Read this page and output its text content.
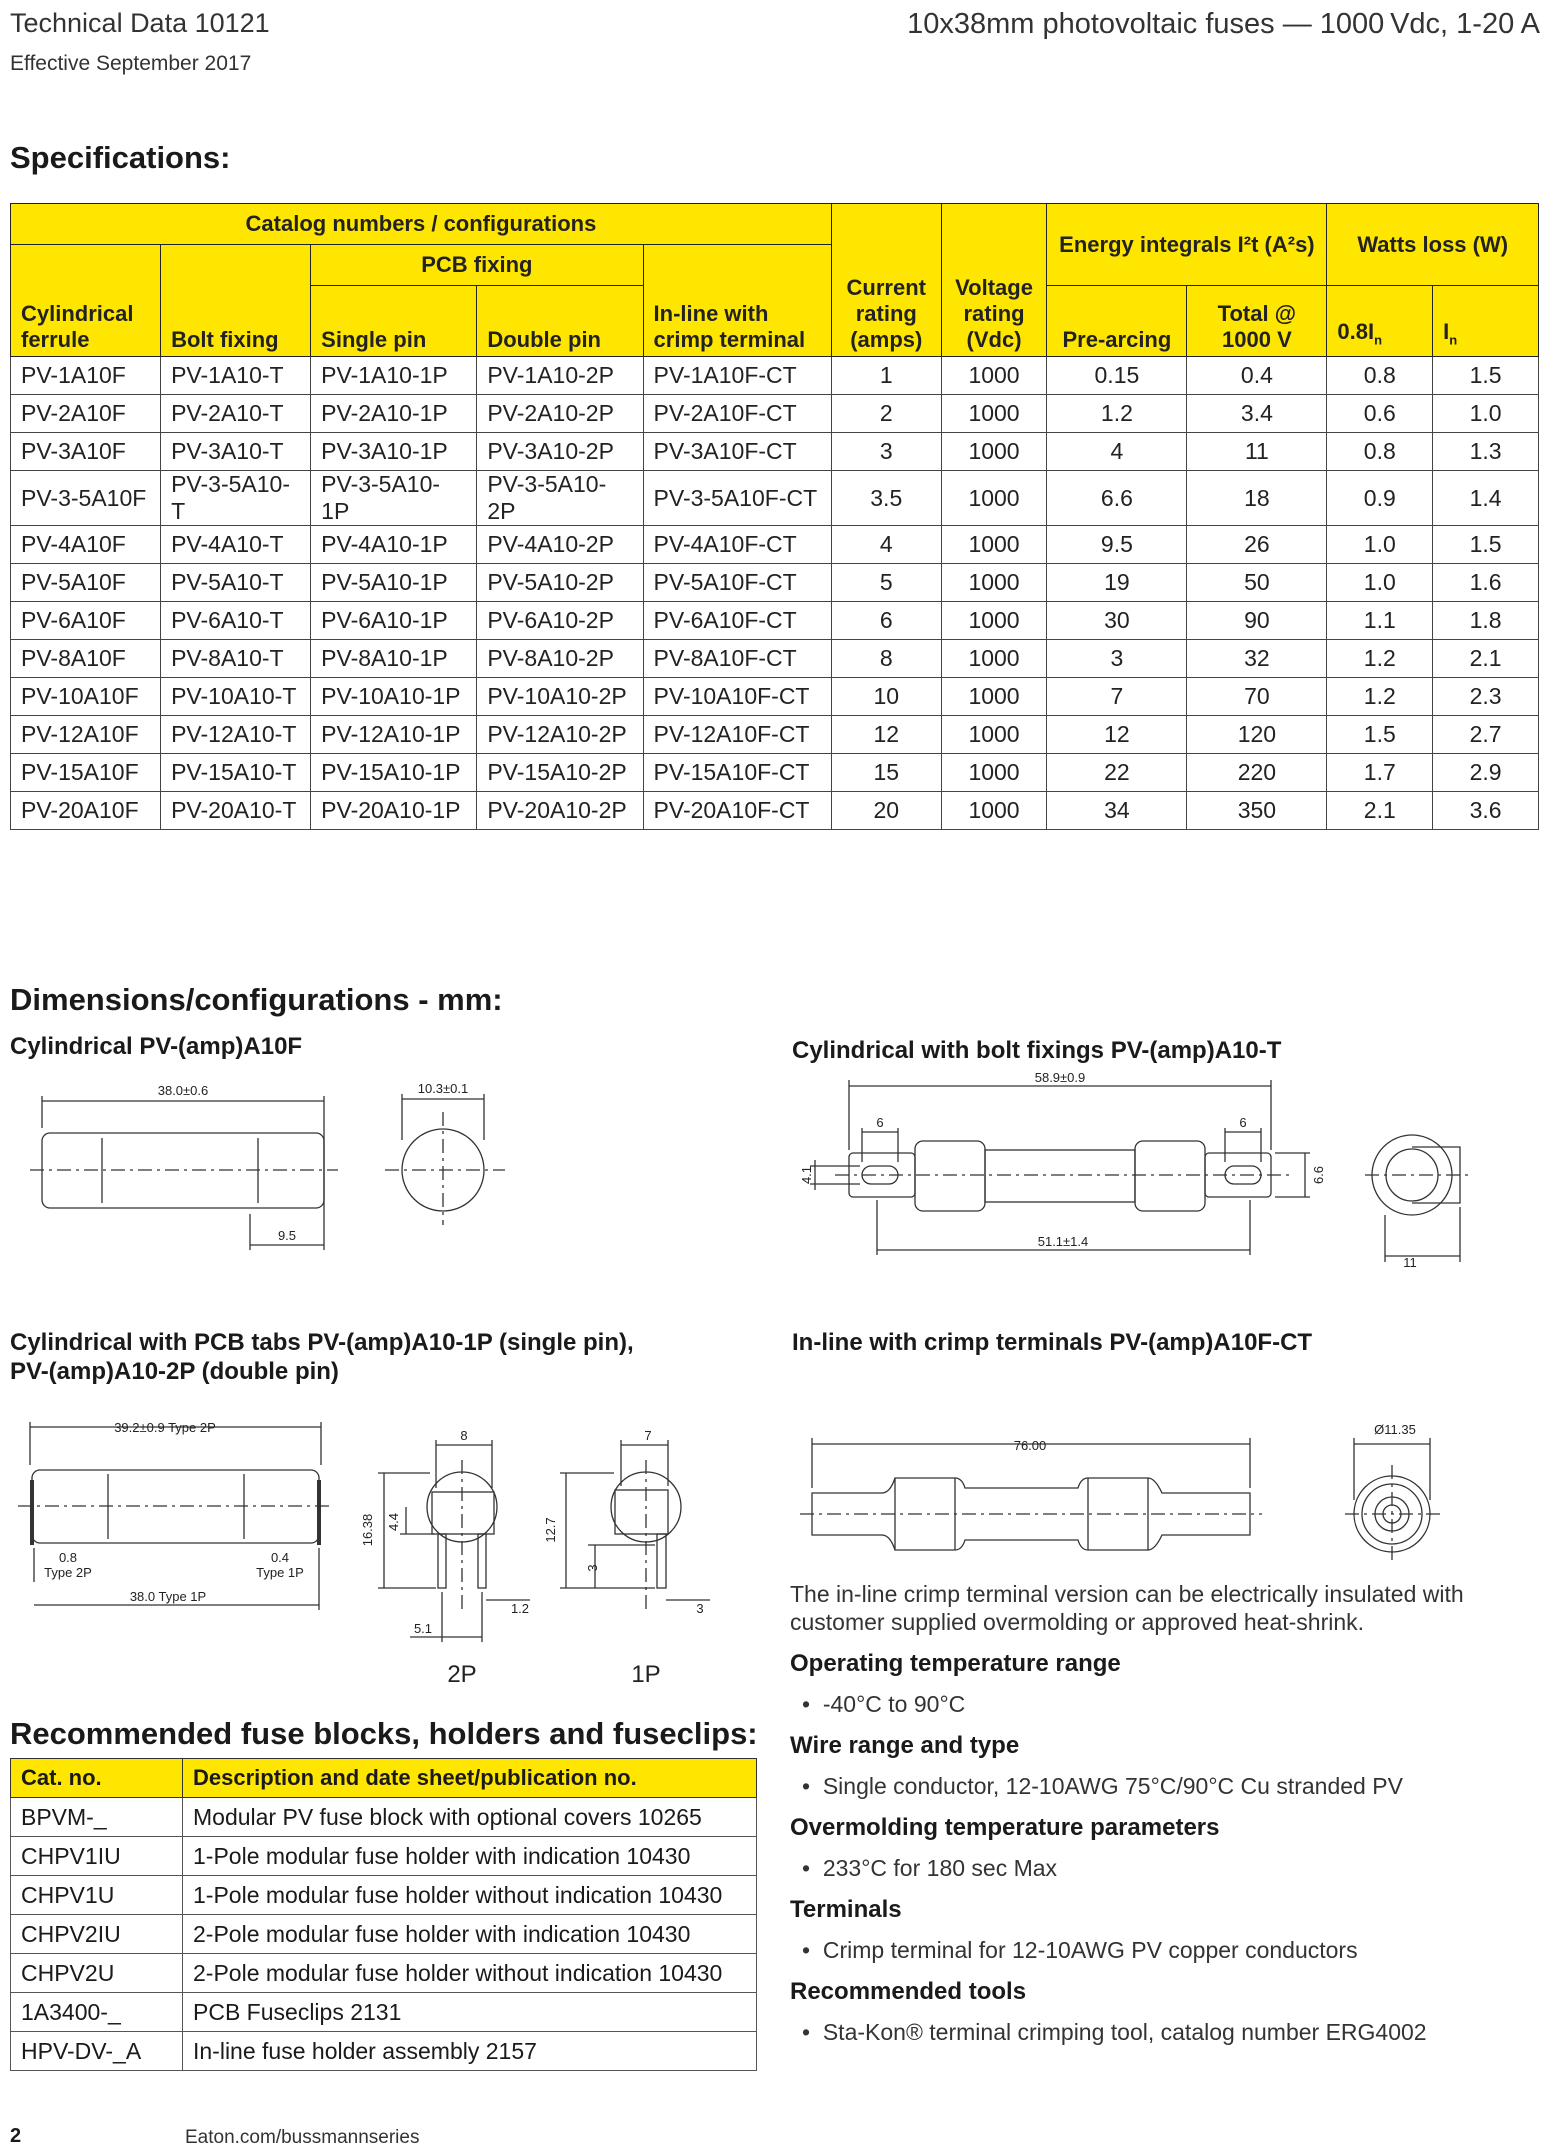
Technical Data 10121
Effective September 2017
10x38mm photovoltaic fuses — 1000 Vdc, 1-20 A
Specifications:
Catalog numbers / configurations					Current rating (amps)	Voltage rating (Vdc)	Energy integrals I²t (A²s)		Watts loss (W)	
Cylindrical ferrule	Bolt fixing	PCB fixing		In-line with crimp terminal						
		Single pin	Double pin				Pre-arcing	Total @ 1000 V	$0.8I_n$	$I_n$
PV-1A10F	PV-1A10-T	PV-1A10-1P	PV-1A10-2P	PV-1A10F-CT	1	1000	0.15	0.4	0.8	1.5
PV-2A10F	PV-2A10-T	PV-2A10-1P	PV-2A10-2P	PV-2A10F-CT	2	1000	1.2	3.4	0.6	1.0
PV-3A10F	PV-3A10-T	PV-3A10-1P	PV-3A10-2P	PV-3A10F-CT	3	1000	4	11	0.8	1.3
PV-3-5A10F	PV-3-5A10-T	PV-3-5A10-1P	PV-3-5A10-2P	PV-3-5A10F-CT	3.5	1000	6.6	18	0.9	1.4
PV-4A10F	PV-4A10-T	PV-4A10-1P	PV-4A10-2P	PV-4A10F-CT	4	1000	9.5	26	1.0	1.5
PV-5A10F	PV-5A10-T	PV-5A10-1P	PV-5A10-2P	PV-5A10F-CT	5	1000	19	50	1.0	1.6
PV-6A10F	PV-6A10-T	PV-6A10-1P	PV-6A10-2P	PV-6A10F-CT	6	1000	30	90	1.1	1.8
PV-8A10F	PV-8A10-T	PV-8A10-1P	PV-8A10-2P	PV-8A10F-CT	8	1000	3	32	1.2	2.1
PV-10A10F	PV-10A10-T	PV-10A10-1P	PV-10A10-2P	PV-10A10F-CT	10	1000	7	70	1.2	2.3
PV-12A10F	PV-12A10-T	PV-12A10-1P	PV-12A10-2P	PV-12A10F-CT	12	1000	12	120	1.5	2.7
PV-15A10F	PV-15A10-T	PV-15A10-1P	PV-15A10-2P	PV-15A10F-CT	15	1000	22	220	1.7	2.9
PV-20A10F	PV-20A10-T	PV-20A10-1P	PV-20A10-2P	PV-20A10F-CT	20	1000	34	350	2.1	3.6
Dimensions/configurations - mm:
Cylindrical PV-(amp)A10F	Cylindrical with bolt fixings PV-(amp)A10-T
Cylindrical with PCB tabs PV-(amp)A10-1P (single pin),
PV-(amp)A10-2P (double pin)
In-line with crimp terminals PV-(amp)A10F-CT
38.0±0.6
9.5
10.3±0.1
58.9±0.9
6	6
4.1
51.1±1.4
6.6
11
39.2±0.9 Type 2P
38.0 Type 1P
0.8
Type 2P
0.4
Type 1P
8
16.38 4.4
1.2
5.1
2P
7
12.7
3
3
1P
76.00
Ø11.35

The in-line crimp terminal version can be electrically insulated with customer supplied overmolding or approved heat-shrink.

Operating temperature range

•  -40°C to 90°C

Wire range and type

•  Single conductor, 12-10AWG 75°C/90°C Cu stranded PV

Overmolding temperature parameters

•  233°C for 180 sec Max

Terminals

•  Crimp terminal for 12-10AWG PV copper conductors

Recommended tools

•  Sta-Kon® terminal crimping tool, catalog number ERG4002

Recommended fuse blocks, holders and fuseclips:
Cat. no.	Description and date sheet/publication no.
BPVM-_	Modular PV fuse block with optional covers 10265
CHPV1IU	1-Pole modular fuse holder with indication 10430
CHPV1U	1-Pole modular fuse holder without indication 10430
CHPV2IU	2-Pole modular fuse holder with indication 10430
CHPV2U	2-Pole modular fuse holder without indication 10430
1A3400-_	PCB Fuseclips 2131
HPV-DV-_A	In-line fuse holder assembly 2157
2	Eaton.com/bussmannseries
